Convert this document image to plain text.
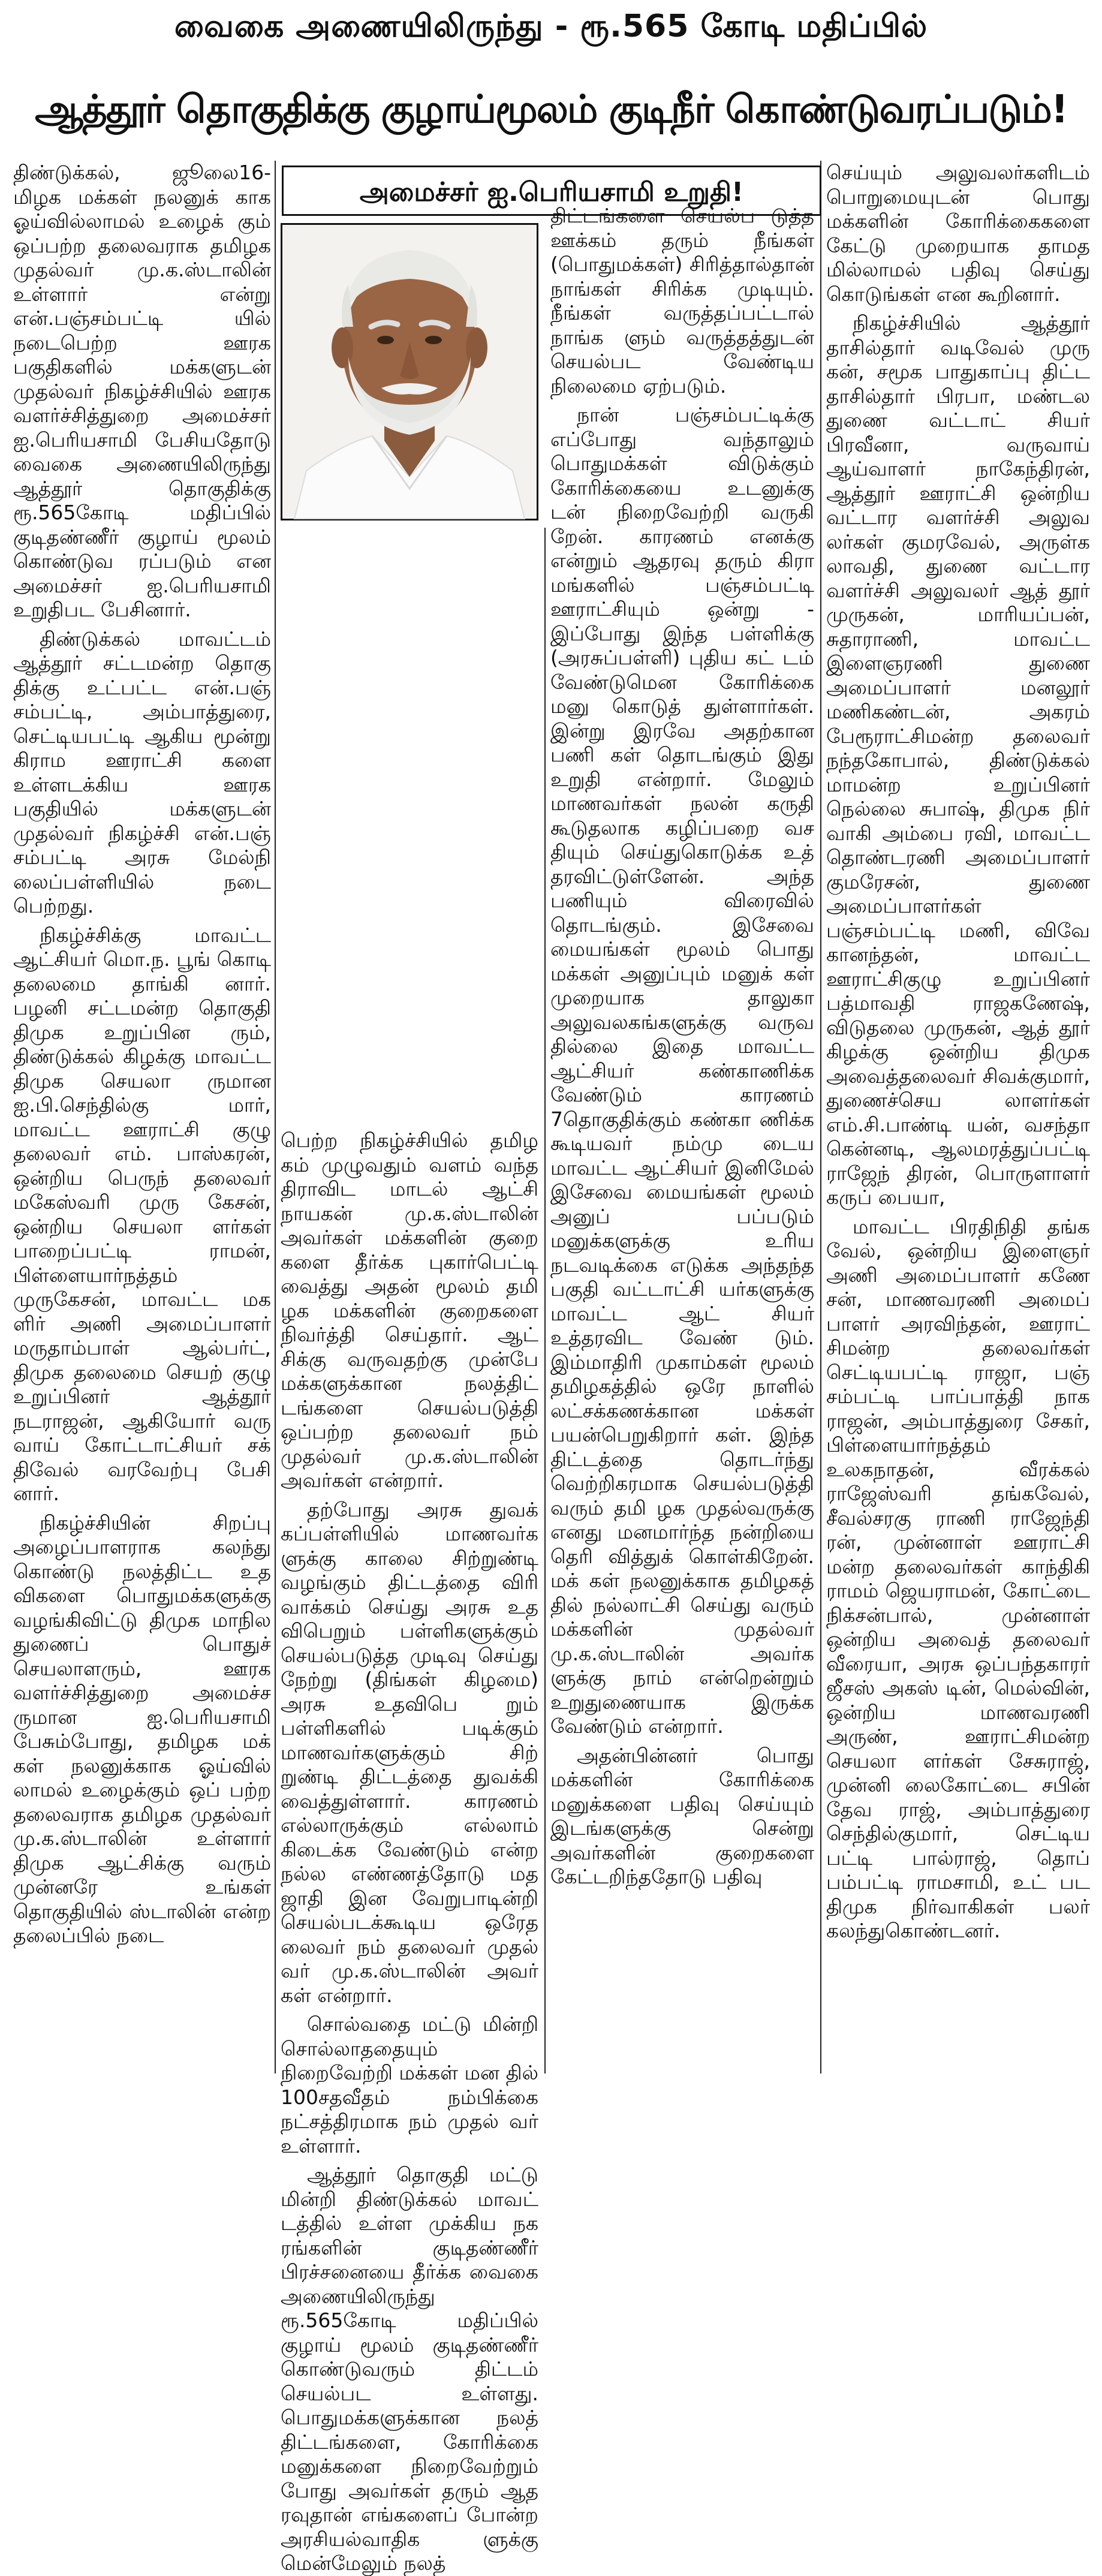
வைகை அணையிலிருந்து - ரூ.565 கோடி மதிப்பில்
ஆத்தூர் தொகுதிக்கு குழாய்மூலம் குடிநீர் கொண்டுவரப்படும்!
அமைச்சர் ஐ.பெரியசாமி உறுதி!

திண்டுக்கல், ஜூலை16- மிழக மக்கள் நலனுக் காக ஓய்வில்லாமல் உழைக் கும் ஒப்பற்ற தலைவராக தமிழக முதல்வர் மு.க.ஸ்டாலின் உள்ளார் என்று என்.பஞ்சம்பட்டி யில் நடைபெற்ற ஊரக பகுதிகளில் மக்களுடன் முதல்வர் நிகழ்ச்சியில் ஊரக வளர்ச்சித்துறை அமைச்சர் ஐ.பெரியசாமி பேசியதோடு வைகை அணையிலிருந்து ஆத்தூர் தொகுதிக்கு ரூ.565கோடி மதிப்பில் குடிதண்ணீர் குழாய் மூலம் கொண்டுவ ரப்படும் என அமைச்சர் ஐ.பெரியசாமி உறுதிபட பேசினார்.

திண்டுக்கல் மாவட்டம் ஆத்தூர் சட்டமன்ற தொகு திக்கு உட்பட்ட என்.பஞ் சம்பட்டி, அம்பாத்துரை, செட்டியபட்டி ஆகிய மூன்று கிராம ஊராட்சி களை உள்ளடக்கிய ஊரக பகுதியில் மக்களுடன் முதல்வர் நிகழ்ச்சி என்.பஞ் சம்பட்டி அரசு மேல்நி லைப்பள்ளியில் நடை பெற்றது.

நிகழ்ச்சிக்கு மாவட்ட ஆட்சியர் மொ.ந. பூங் கொடி தலைமை தாங்கி னார். பழனி சட்டமன்ற தொகுதி திமுக உறுப்பின ரும், திண்டுக்கல் கிழக்கு மாவட்ட திமுக செயலா ருமான ஐ.பி.செந்தில்கு மார், மாவட்ட ஊராட்சி குழு தலைவர் எம். பாஸ்கரன், ஒன்றிய பெருந் தலைவர் மகேஸ்வரி முரு கேசன், ஒன்றிய செயலா ளர்கள் பாறைப்பட்டி ராமன், பிள்ளையார்நத்தம் முருகேசன், மாவட்ட மக ளிர் அணி அமைப்பாளர் மருதாம்பாள் ஆல்பர்ட், திமுக தலைமை செயற் குழு உறுப்பினர் ஆத்தூர் நடராஜன், ஆகியோர் வரு வாய் கோட்டாட்சியர் சக் திவேல் வரவேற்பு பேசி னார்.

நிகழ்ச்சியின் சிறப்பு அழைப்பாளராக கலந்து கொண்டு நலத்திட்ட உத விகளை பொதுமக்களுக்கு வழங்கிவிட்டு திமுக மாநில துணைப் பொதுச் செயலாளரும், ஊரக வளர்ச்சித்துறை அமைச்ச ருமான ஐ.பெரியசாமி பேசும்போது, தமிழக மக் கள் நலனுக்காக ஓய்வில் லாமல் உழைக்கும் ஒப் பற்ற தலைவராக தமிழக முதல்வர் மு.க.ஸ்டாலின் உள்ளார் திமுக ஆட்சிக்கு வரும் முன்னரே உங்கள் தொகுதியில் ஸ்டாலின் என்ற தலைப்பில் நடை

பெற்ற நிகழ்ச்சியில் தமிழ கம் முழுவதும் வளம் வந்த திராவிட மாடல் ஆட்சி நாயகன் மு.க.ஸ்டாலின் அவர்கள் மக்களின் குறை களை தீர்க்க புகார்பெட்டி வைத்து அதன் மூலம் தமி ழக மக்களின் குறைகளை நிவர்த்தி செய்தார். ஆட் சிக்கு வருவதற்கு முன்பே மக்களுக்கான நலத்திட் டங்களை செயல்படுத்தி ஒப்பற்ற தலைவர் நம் முதல்வர் மு.க.ஸ்டாலின் அவர்கள் என்றார்.

தற்போது அரசு துவக் கப்பள்ளியில் மாணவர்க ளுக்கு காலை சிற்றுண்டி வழங்கும் திட்டத்தை விரி வாக்கம் செய்து அரசு உத விபெறும் பள்ளிகளுக்கும் செயல்படுத்த முடிவு செய்து நேற்று (திங்கள் கிழமை) அரசு உதவிபெ றும் பள்ளிகளில் படிக்கும் மாணவர்களுக்கும் சிற் றுண்டி திட்டத்தை துவக்கி வைத்துள்ளார். காரணம் எல்லாருக்கும் எல்லாம் கிடைக்க வேண்டும் என்ற நல்ல எண்ணத்தோடு மத ஜாதி இன வேறுபாடின்றி செயல்படக்கூடிய ஒரேத லைவர் நம் தலைவர் முதல் வர் மு.க.ஸ்டாலின் அவர் கள் என்றார்.

சொல்வதை மட்டு மின்றி சொல்லாததையும் நிறைவேற்றி மக்கள் மன தில் 100சதவீதம் நம்பிக்கை நட்சத்திரமாக நம் முதல் வர் உள்ளார்.

ஆத்தூர் தொகுதி மட்டு மின்றி திண்டுக்கல் மாவட் டத்தில் உள்ள முக்கிய நக ரங்களின் குடிதண்ணீர் பிரச்சனையை தீர்க்க வைகை அணையிலிருந்து ரூ.565கோடி மதிப்பில் குழாய் மூலம் குடிதண்ணீர் கொண்டுவரும் திட்டம் செயல்பட உள்ளது. பொதுமக்களுக்கான நலத் திட்டங்களை, கோரிக்கை மனுக்களை நிறைவேற்றும் போது அவர்கள் தரும் ஆத ரவுதான் எங்களைப் போன்ற அரசியல்வாதிக ளுக்கு மென்மேலும் நலத்

திட்டங்களை செயல்ப டுத்த ஊக்கம் தரும் நீங்கள் (பொதுமக்கள்) சிரித்தால்தான் நாங்கள் சிரிக்க முடியும். நீங்கள் வருத்தப்பட்டால் நாங்க ளும் வருத்தத்துடன் செயல்பட வேண்டிய நிலைமை ஏற்படும்.

நான் பஞ்சம்பட்டிக்கு எப்போது வந்தாலும் பொதுமக்கள் விடுக்கும் கோரிக்கையை உடனுக்கு டன் நிறைவேற்றி வருகி றேன். காரணம் எனக்கு என்றும் ஆதரவு தரும் கிரா மங்களில் பஞ்சம்பட்டி ஊராட்சியும் ஒன்று - இப்போது இந்த பள்ளிக்கு (அரசுப்பள்ளி) புதிய கட் டம் வேண்டுமென கோரிக்கை மனு கொடுத் துள்ளார்கள். இன்று இரவே அதற்கான பணி கள் தொடங்கும் இது உறுதி என்றார். மேலும் மாணவர்கள் நலன் கருதி கூடுதலாக கழிப்பறை வச தியும் செய்துகொடுக்க உத் தரவிட்டுள்ளேன். அந்த பணியும் விரைவில் தொடங்கும். இசேவை மையங்கள் மூலம் பொது மக்கள் அனுப்பும் மனுக் கள் முறையாக தாலுகா அலுவலகங்களுக்கு வருவ தில்லை இதை மாவட்ட ஆட்சியர் கண்காணிக்க வேண்டும் காரணம் 7தொகுதிக்கும் கண்கா ணிக்க கூடியவர் நம்மு டைய மாவட்ட ஆட்சியர் இனிமேல் இசேவை மையங்கள் மூலம் அனுப் பப்படும் மனுக்களுக்கு உரிய நடவடிக்கை எடுக்க அந்தந்த பகுதி வட்டாட்சி யர்களுக்கு மாவட்ட ஆட் சியர் உத்தரவிட வேண் டும். இம்மாதிரி முகாம்கள் மூலம் தமிழகத்தில் ஒரே நாளில் லட்சக்கணக்கான மக்கள் பயன்பெறுகிறார் கள். இந்த திட்டத்தை தொடர்ந்து வெற்றிகரமாக செயல்படுத்தி வரும் தமி ழக முதல்வருக்கு எனது மனமார்ந்த நன்றியை தெரி வித்துக் கொள்கிறேன். மக் கள் நலனுக்காக தமிழகத் தில் நல்லாட்சி செய்து வரும் மக்களின் முதல்வர் மு.க.ஸ்டாலின் அவர்க ளுக்கு நாம் என்றென்றும் உறுதுணையாக இருக்க வேண்டும் என்றார்.

அதன்பின்னர் பொது மக்களின் கோரிக்கை மனுக்களை பதிவு செய்யும் இடங்களுக்கு சென்று அவர்களின் குறைகளை கேட்டறிந்ததோடு பதிவு

செய்யும் அலுவலர்களிடம் பொறுமையுடன் பொது மக்களின் கோரிக்கைகளை கேட்டு முறையாக தாமத மில்லாமல் பதிவு செய்து கொடுங்கள் என கூறினார்.

நிகழ்ச்சியில் ஆத்தூர் தாசில்தார் வடிவேல் முரு கன், சமூக பாதுகாப்பு திட்ட தாசில்தார் பிரபா, மண்டல துணை வட்டாட் சியர் பிரவீனா, வருவாய் ஆய்வாளர் நாகேந்திரன், ஆத்தூர் ஊராட்சி ஒன்றிய வட்டார வளர்ச்சி அலுவ லர்கள் குமரவேல், அருள்க லாவதி, துணை வட்டார வளர்ச்சி அலுவலர் ஆத் தூர் முருகன், மாரியப்பன், சுதாராணி, மாவட்ட இளைஞரணி துணை அமைப்பாளர் மனலூர் மணிகண்டன், அகரம் பேரூராட்சிமன்ற தலைவர் நந்தகோபால், திண்டுக்கல் மாமன்ற உறுப்பினர் நெல்லை சுபாஷ், திமுக நிர் வாகி அம்பை ரவி, மாவட்ட தொண்டரணி அமைப்பாளர் குமரேசன், துணை அமைப்பாளர்கள் பஞ்சம்பட்டி மணி, விவே கானந்தன், மாவட்ட ஊராட்சிகுழு உறுப்பினர் பத்மாவதி ராஜகணேஷ், விடுதலை முருகன், ஆத் தூர் கிழக்கு ஒன்றிய திமுக அவைத்தலைவர் சிவக்குமார், துணைச்செய லாளர்கள் எம்.சி.பாண்டி யன், வசந்தா கென்னடி, ஆலமரத்துப்பட்டி ராஜேந் திரன், பொருளாளர் கருப் பையா,

மாவட்ட பிரதிநிதி தங்க வேல், ஒன்றிய இளைஞர் அணி அமைப்பாளர் கணே சன், மாணவரணி அமைப் பாளர் அரவிந்தன், ஊராட் சிமன்ற தலைவர்கள் செட்டியபட்டி ராஜா, பஞ் சம்பட்டி பாப்பாத்தி நாக ராஜன், அம்பாத்துரை சேகர், பிள்ளையார்நத்தம் உலகநாதன், வீரக்கல் ராஜேஸ்வரி தங்கவேல், சீவல்சரகு ராணி ராஜேந்தி ரன், முன்னாள் ஊராட்சி மன்ற தலைவர்கள் காந்திகி ராமம் ஜெயராமன், கோட்டை நிக்சன்பால், முன்னாள் ஒன்றிய அவைத் தலைவர் வீரையா, அரசு ஒப்பந்தகாரர் ஜீசஸ் அகஸ் டின், மெல்வின், ஒன்றிய மாணவரணி அருண், ஊராட்சிமன்ற செயலா ளர்கள் சேசுராஜ், முன்னி லைகோட்டை சபின் தேவ ராஜ், அம்பாத்துரை செந்தில்குமார், செட்டிய பட்டி பால்ராஜ், தொப் பம்பட்டி ராமசாமி, உட் பட திமுக நிர்வாகிகள் பலர் கலந்துகொண்டனர்.
